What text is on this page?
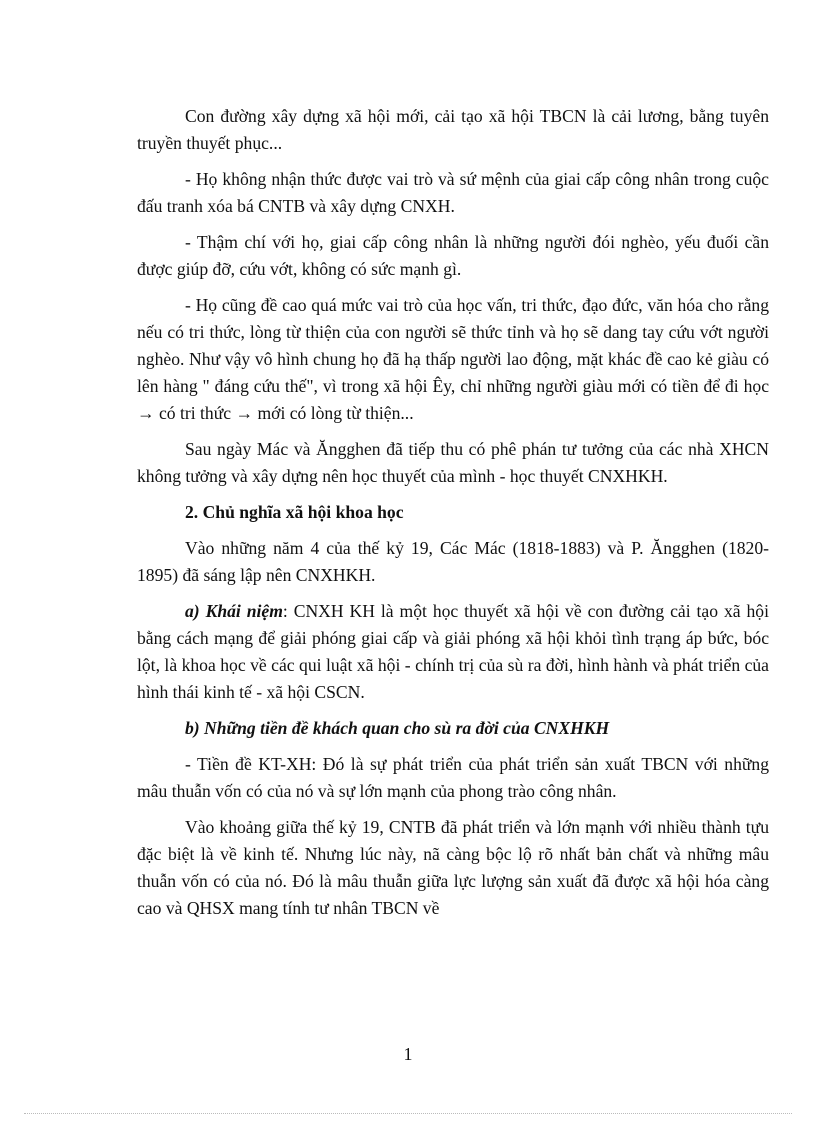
Con đường xây dựng xã hội mới, cải tạo xã hội TBCN là cải lương, bằng tuyên truyền thuyết phục...

- Họ không nhận thức được vai trò và sứ mệnh của giai cấp công nhân trong cuộc đấu tranh xóa bá CNTB và xây dựng CNXH.

- Thậm chí với họ, giai cấp công nhân là những người đói nghèo, yếu đuối cần được giúp đỡ, cứu vớt, không có sức mạnh gì.

- Họ cũng đề cao quá mức vai trò của học vấn, tri thức, đạo đức, văn hóa cho rằng nếu có tri thức, lòng từ thiện của con người sẽ thức tỉnh và họ sẽ dang tay cứu vớt người nghèo. Như vậy vô hình chung họ đã hạ thấp người lao động, mặt khác đề cao kẻ giàu có lên hàng " đáng cứu thế", vì trong xã hội Êy, chỉ những người giàu mới có tiền để đi học → có tri thức → mới có lòng từ thiện...

Sau ngày Mác và Ăngghen đã tiếp thu có phê phán tư tưởng của các nhà XHCN không tưởng và xây dựng nên học thuyết của mình - học thuyết CNXHKH.

2. Chủ nghĩa xã hội khoa học

Vào những năm 4 của thế kỷ 19, Các Mác (1818-1883) và P. Ăngghen (1820-1895) đã sáng lập nên CNXHKH.

a) Khái niệm: CNXH KH là một học thuyết xã hội về con đường cải tạo xã hội bằng cách mạng để giải phóng giai cấp và giải phóng xã hội khỏi tình trạng áp bức, bóc lột, là khoa học về các qui luật xã hội - chính trị của sù ra đời, hình hành và phát triển của hình thái kinh tế - xã hội CSCN.

b) Những tiền đề khách quan cho sù ra đời của CNXHKH

- Tiền đề KT-XH: Đó là sự phát triển của phát triển sản xuất TBCN với những mâu thuẫn vốn có của nó và sự lớn mạnh của phong trào công nhân.

Vào khoảng giữa thế kỷ 19, CNTB đã phát triển và lớn mạnh với nhiều thành tựu đặc biệt là về kinh tế. Nhưng lúc này, nã càng bộc lộ rõ nhất bản chất và những mâu thuẫn vốn có của nó. Đó là mâu thuẫn giữa lực lượng sản xuất đã được xã hội hóa càng cao và QHSX mang tính tư nhân TBCN về

1
